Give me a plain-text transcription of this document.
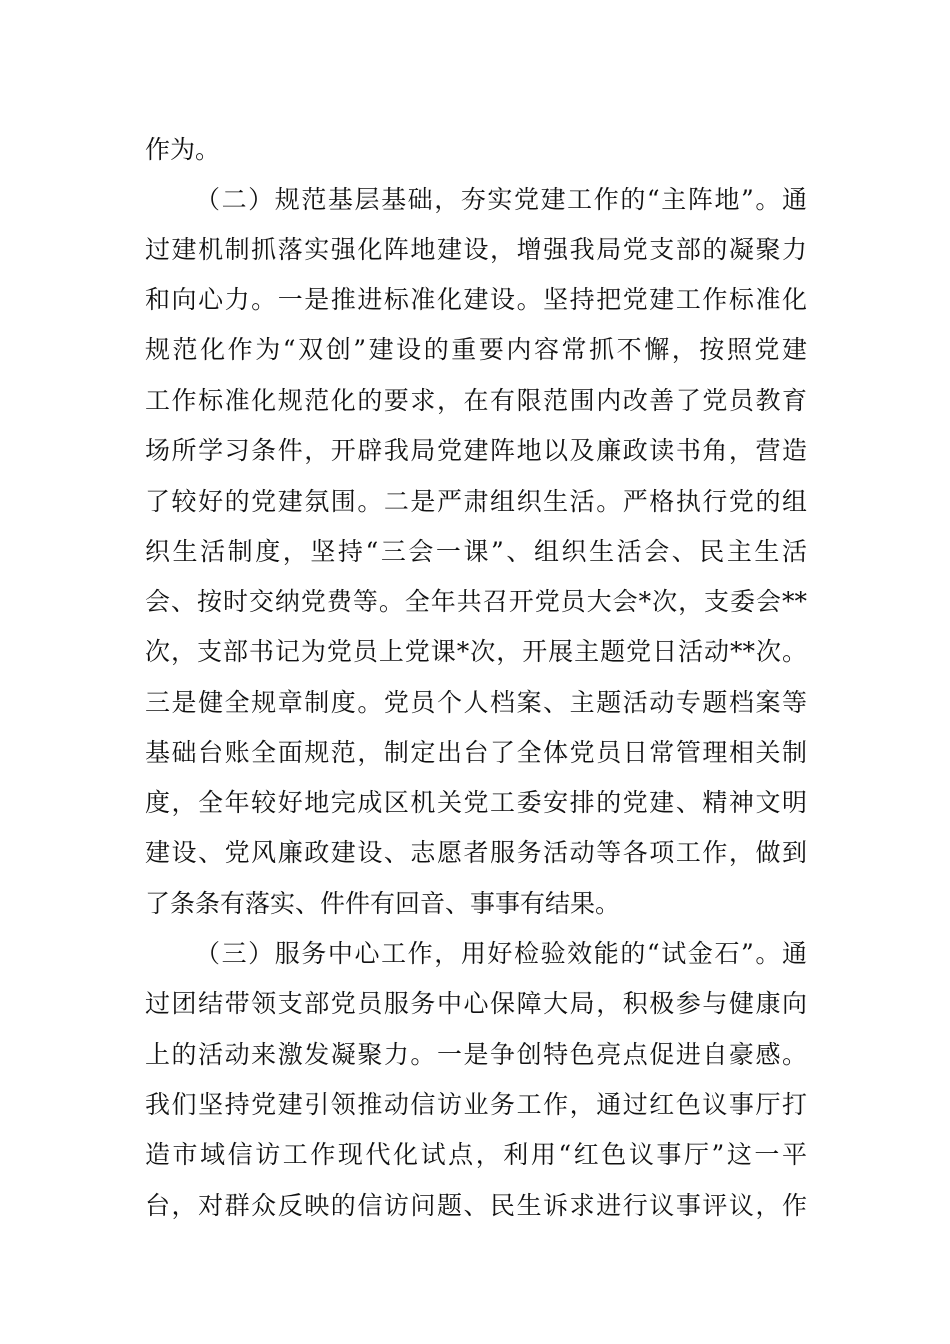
作为。
（二）规范基层基础，夯实党建工作的“主阵地”。通
过建机制抓落实强化阵地建设，增强我局党支部的凝聚力
和向心力。一是推进标准化建设。坚持把党建工作标准化
规范化作为“双创”建设的重要内容常抓不懈，按照党建
工作标准化规范化的要求，在有限范围内改善了党员教育
场所学习条件，开辟我局党建阵地以及廉政读书角，营造
了较好的党建氛围。二是严肃组织生活。严格执行党的组
织生活制度，坚持“三会一课”、组织生活会、民主生活
会、按时交纳党费等。全年共召开党员大会*次，支委会**
次，支部书记为党员上党课*次，开展主题党日活动**次。
三是健全规章制度。党员个人档案、主题活动专题档案等
基础台账全面规范，制定出台了全体党员日常管理相关制
度，全年较好地完成区机关党工委安排的党建、精神文明
建设、党风廉政建设、志愿者服务活动等各项工作，做到
了条条有落实、件件有回音、事事有结果。
（三）服务中心工作，用好检验效能的“试金石”。通
过团结带领支部党员服务中心保障大局，积极参与健康向
上的活动来激发凝聚力。一是争创特色亮点促进自豪感。
我们坚持党建引领推动信访业务工作，通过红色议事厅打
造市域信访工作现代化试点，利用“红色议事厅”这一平
台，对群众反映的信访问题、民生诉求进行议事评议，作
